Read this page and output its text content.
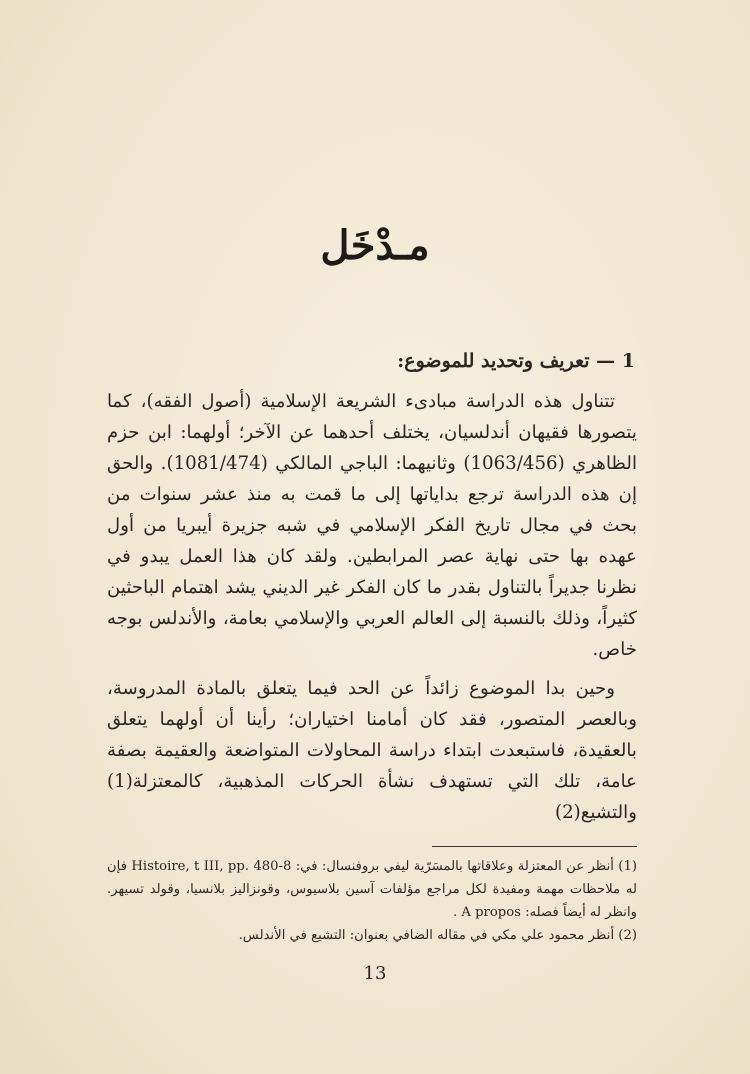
مـدْخَل
1 — تعريف وتحديد للموضوع:

تتناول هذه الدراسة مبادىء الشريعة الإسلامية (أصول الفقه)، كما يتصورها فقيهان أندلسيان، يختلف أحدهما عن الآخر؛ أولهما: ابن حزم الظاهري (1063/456) وثانيهما: الباجي المالكي (1081/474). والحق إن هذه الدراسة ترجع بداياتها إلى ما قمت به منذ عشر سنوات من بحث في مجال تاريخ الفكر الإسلامي في شبه جزيرة أيبريا من أول عهده بها حتى نهاية عصر المرابطين. ولقد كان هذا العمل يبدو في نظرنا جديراً بالتناول بقدر ما كان الفكر غير الديني يشد اهتمام الباحثين كثيراً، وذلك بالنسبة إلى العالم العربي والإسلامي بعامة، والأندلس بوجه خاص.

وحين بدا الموضوع زائداً عن الحد فيما يتعلق بالمادة المدروسة، وبالعصر المتصور، فقد كان أمامنا اختياران؛ رأينا أن أولهما يتعلق بالعقيدة، فاستبعدت ابتداء دراسة المحاولات المتواضعة والعقيمة بصفة عامة، تلك التي تستهدف نشأة الحركات المذهبية، كالمعتزلة(1) والتشيع(2)

(1) أنظر عن المعتزلة وعلاقاتها بالمسَرّية ليفي بروفنسال: في: Histoire, t III, pp. 480-8 فإن له ملاحظات مهمة ومفيدة لكل مراجع مؤلفات آسين بلاسيوس، وقونزاليز بلانسيا، وقولد تسيهر. وانظر له أيضاً فصله: A propos .

(2) أنظر محمود علي مكي في مقاله الضافي بعنوان: التشيع في الأندلس.

13
